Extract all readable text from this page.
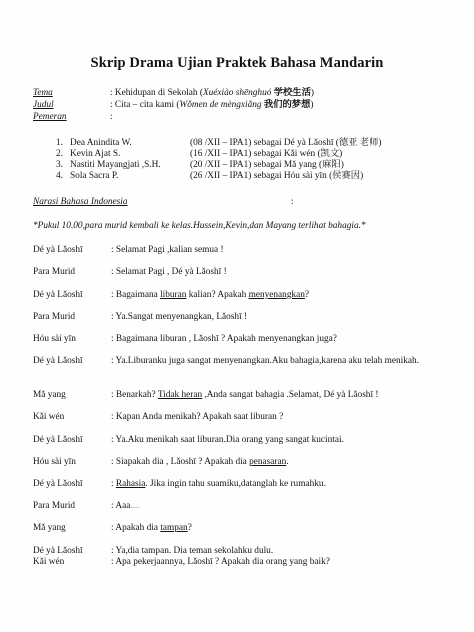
Skrip Drama Ujian Praktek Bahasa Mandarin
Tema	: Kehidupan di Sekolah (Xuéxiào shēnghuó 学校生活)
Judul	: Cita – cita kami (Wǒmen de mèngxiǎng 我们的梦想)
Pemeran	:
1. Dea Anindita W.	(08 /XII – IPA1) sebagai Dé yà Lǎoshī (德亚 老师)
2. Kevin Ajat S.	(16 /XII – IPA1) sebagai Kǎi wén (凯文)
3. Nastiti Mayangjati ,S.H.	(20 /XII – IPA1) sebagai Mǎ yang (麻阳)
4. Sola Sacra P.	(26 /XII – IPA1) sebagai Hóu sài yīn (侯赛因)
Narasi Bahasa Indonesia	:
*Pukul 10.00,para murid kembali ke kelas.Hussein,Kevin,dan Mayang terlihat bahagia.*
Dé yà Lǎoshī	: Selamat Pagi ,kalian semua !
Para Murid	: Selamat Pagi , Dé yà Lǎoshī !
Dé yà Lǎoshī	: Bagaimana liburan kalian? Apakah menyenangkan?
Para Murid	: Ya.Sangat menyenangkan, Lǎoshī !
Hóu sài yīn	: Bagaimana liburan , Lǎoshī ? Apakah menyenangkan juga?
Dé yà Lǎoshī	: Ya.Liburanku juga sangat menyenangkan.Aku bahagia,karena aku telah menikah.
Mǎ yang	: Benarkah? Tidak heran ,Anda sangat bahagia .Selamat, Dé yà Lǎoshī !
Kǎi wén	: Kapan Anda menikah? Apakah saat liburan ?
Dé yà Lǎoshī	: Ya.Aku menikah saat liburan.Dia orang yang sangat kucintai.
Hóu sài yīn	: Siapakah dia , Lǎoshī ? Apakah dia penasaran.
Dé yà Lǎoshī	: Rahasia. Jika ingin tahu suamiku,datanglah ke rumahku.
Para Murid	: Aaa....
Mǎ yang	: Apakah dia tampan?
Dé yà Lǎoshī	: Ya,dia tampan. Dia teman sekolahku dulu.
Kǎi wén	: Apa pekerjaannya, Lǎoshī ? Apakah dia orang yang baik?
